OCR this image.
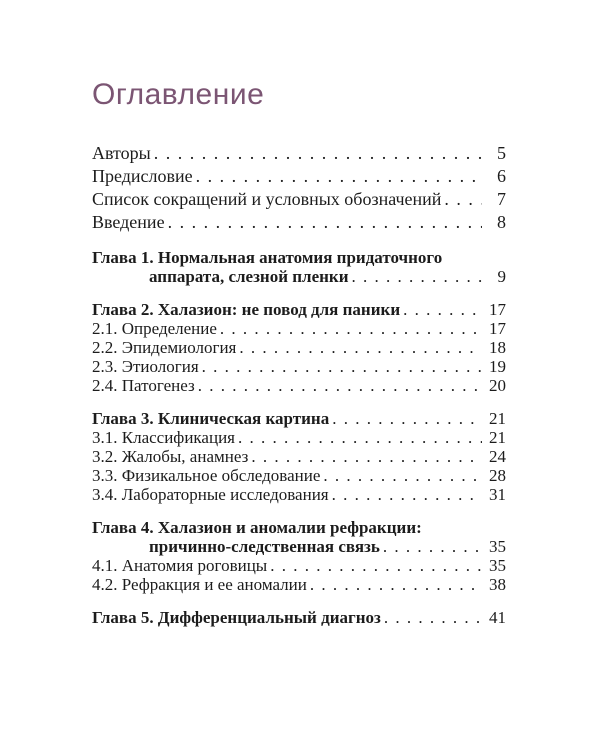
Оглавление
Авторы . . .	5
Предисловие . . .	6
Список сокращений и условных обозначений . . .	7
Введение . . .	8
Глава 1. Нормальная анатомия придаточного
аппарата, слезной пленки . . .	9
Глава 2. Халазион: не повод для паники . . .	17
2.1. Определение . . .	17
2.2. Эпидемиология . . .	18
2.3. Этиология . . .	19
2.4. Патогенез . . .	20
Глава 3. Клиническая картина . . .	21
3.1. Классификация . . .	21
3.2. Жалобы, анамнез . . .	24
3.3. Физикальное обследование . . .	28
3.4. Лабораторные исследования . . .	31
Глава 4. Халазион и аномалии рефракции:
причинно-следственная связь . . .	35
4.1. Анатомия роговицы . . .	35
4.2. Рефракция и ее аномалии . . .	38
Глава 5. Дифференциальный диагноз . . .	41
